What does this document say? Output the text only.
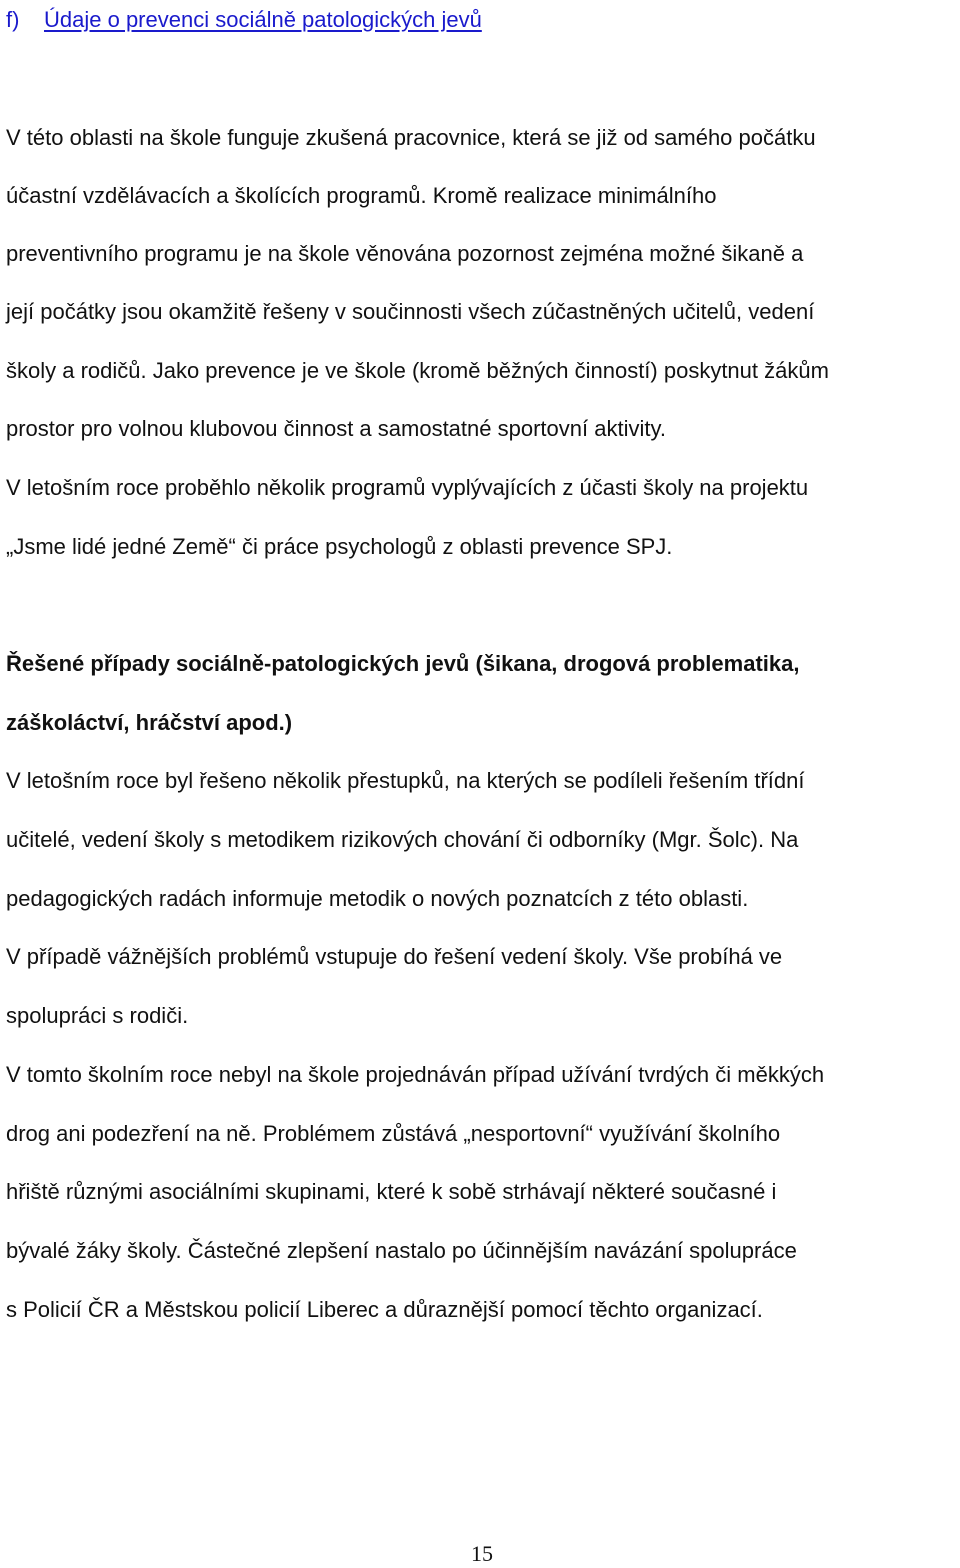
f) Údaje o prevenci sociálně patologických jevů
V této oblasti na škole funguje zkušená pracovnice, která se již od samého počátku
účastní vzdělávacích a školících programů. Kromě realizace minimálního
preventivního programu je na škole věnována pozornost zejména možné šikaně a
její počátky jsou okamžitě řešeny v součinnosti všech zúčastněných učitelů, vedení
školy a rodičů. Jako prevence je ve škole (kromě běžných činností) poskytnut žákům
prostor pro volnou klubovou činnost a samostatné sportovní aktivity.
V letošním roce proběhlo několik programů vyplývajících z účasti školy na projektu
„Jsme lidé jedné Země“ či práce psychologů z oblasti prevence SPJ.
Řešené případy sociálně-patologických jevů (šikana, drogová problematika,
záškoláctví, hráčství apod.)
V letošním roce byl řešeno několik přestupků, na kterých se podíleli řešením třídní
učitelé, vedení školy s metodikem rizikových chování či odborníky (Mgr. Šolc). Na
pedagogických radách informuje metodik o nových poznatcích z této oblasti.
V případě vážnějších problémů vstupuje do řešení vedení školy. Vše probíhá ve
spolupráci s rodiči.
V tomto školním roce nebyl na škole projednáván případ užívání tvrdých či měkkých
drog ani podezření na ně. Problémem zůstává „nesportovní“ využívání školního
hřiště různými asociálními skupinami, které k sobě strhávají některé současné i
bývalé žáky školy. Částečné zlepšení nastalo po účinnějším navázání spolupráce
s Policií ČR a Městskou policií Liberec a důraznější pomocí těchto organizací.
15
